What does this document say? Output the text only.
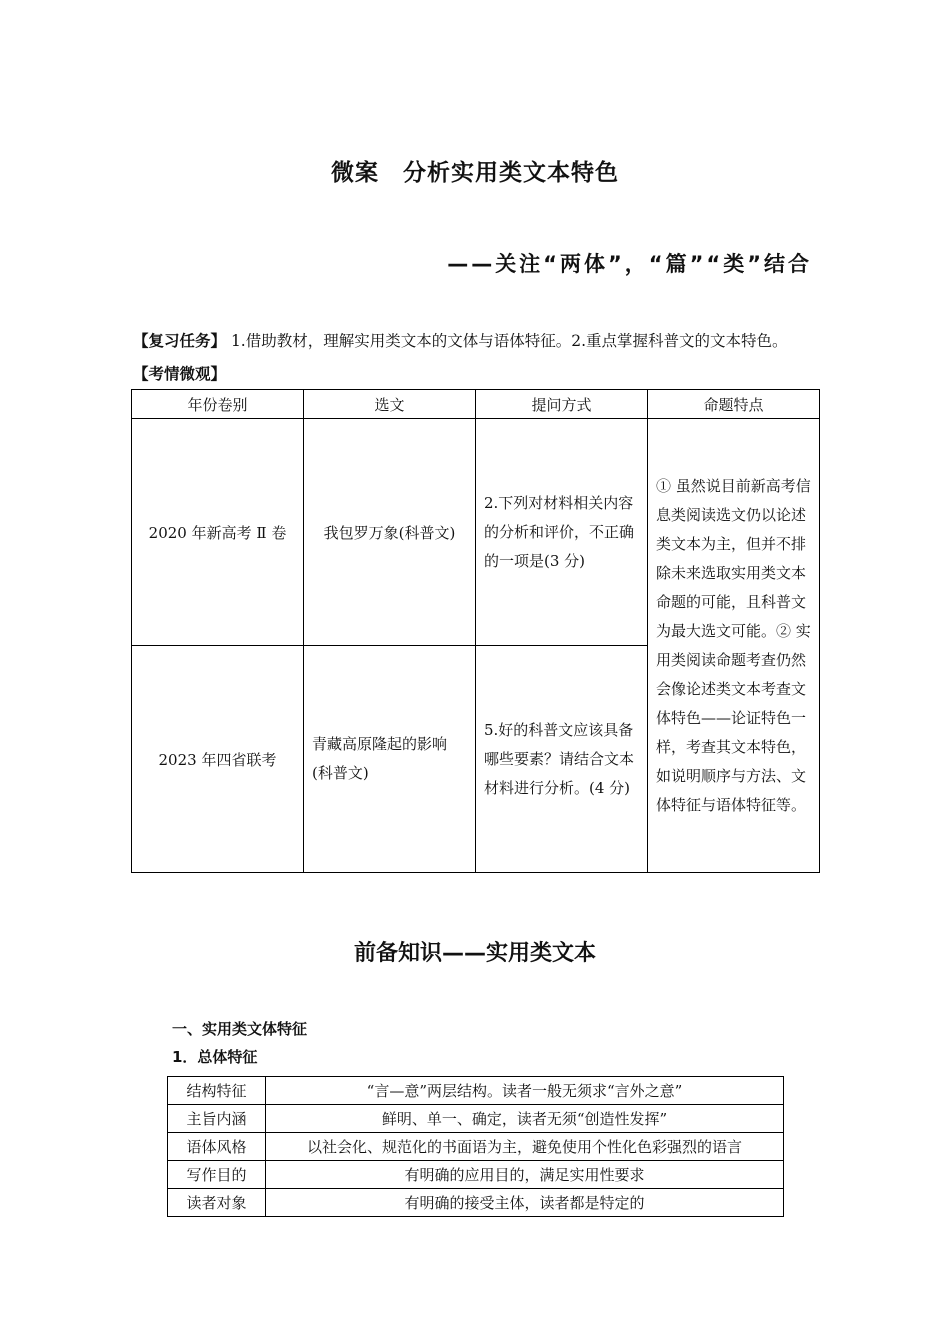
微案　分析实用类文本特色
——关注“两体”，“篇”“类”结合
【复习任务】 1.借助教材，理解实用类文本的文体与语体特征。2.重点掌握科普文的文本特色。
【考情微观】
年份卷别	选文	提问方式	命题特点
2020 年新高考 Ⅱ 卷	我包罗万象(科普文)	2.下列对材料相关内容的分析和评价，不正确的一项是(3 分)	① 虽然说目前新高考信息类阅读选文仍以论述类文本为主，但并不排除未来选取实用类文本命题的可能，且科普文为最大选文可能。② 实用类阅读命题考查仍然会像论述类文本考查文体特色——论证特色一样，考查其文本特色，如说明顺序与方法、文体特征与语体特征等。
2023 年四省联考	青藏高原隆起的影响(科普文)	5.好的科普文应该具备哪些要素？请结合文本材料进行分析。(4 分)	
前备知识——实用类文本
一、实用类文体特征
1．总体特征
结构特征	“言—意”两层结构。读者一般无须求“言外之意”
主旨内涵	鲜明、单一、确定，读者无须“创造性发挥”
语体风格	以社会化、规范化的书面语为主，避免使用个性化色彩强烈的语言
写作目的	有明确的应用目的，满足实用性要求
读者对象	有明确的接受主体，读者都是特定的
